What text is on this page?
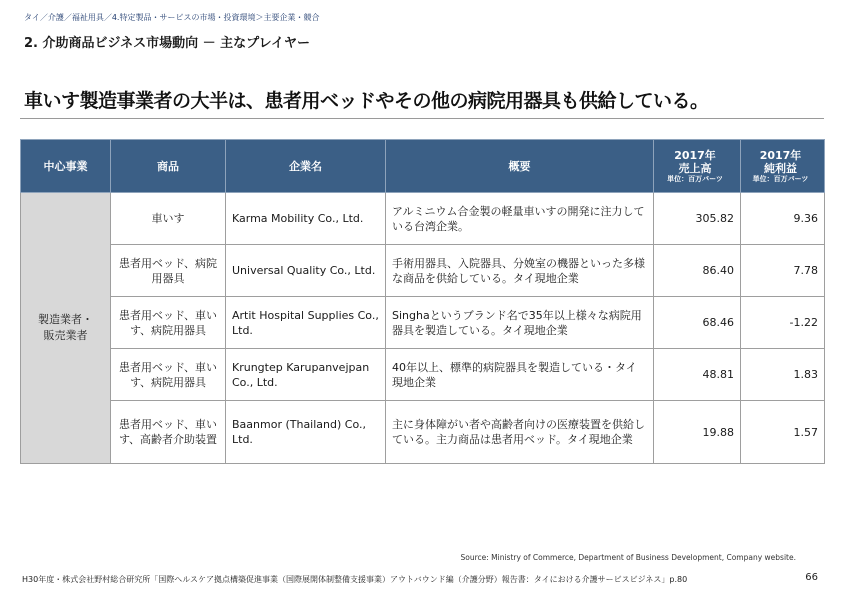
タイ／介護／福祉用具／4.特定製品・サービスの市場・投資環境＞主要企業・競合
2. 介助商品ビジネス市場動向 － 主なプレイヤー
車いす製造事業者の大半は、患者用ベッドやその他の病院用器具も供給している。
中心事業	商品	企業名	概要	2017年
売上高
単位：百万バーツ	2017年
純利益
単位：百万バーツ

製造業者・販売業者	車いす	Karma Mobility Co., Ltd.	アルミニウム合金製の軽量車いすの開発に注力している台湾企業。	305.82	9.36
	患者用ベッド、病院用器具	Universal Quality Co., Ltd.	手術用器具、入院器具、分娩室の機器といった多様な商品を供給している。タイ現地企業	86.40	7.78
	患者用ベッド、車いす、病院用器具	Artit Hospital Supplies Co., Ltd.	Singhaというブランド名で35年以上様々な病院用器具を製造している。タイ現地企業	68.46	-1.22
	患者用ベッド、車いす、病院用器具	Krungtep Karupanvejpan Co., Ltd.	40年以上、標準的病院器具を製造している・タイ現地企業	48.81	1.83
	患者用ベッド、車いす、高齢者介助装置	Baanmor (Thailand) Co., Ltd.	主に身体障がい者や高齢者向けの医療装置を供給している。主力商品は患者用ベッド。タイ現地企業	19.88	1.57
Source: Ministry of Commerce, Department of Business Development, Company website.
H30年度・株式会社野村総合研究所「国際ヘルスケア拠点構築促進事業（国際展開体制整備支援事業）アウトバウンド編（介護分野）報告書：タイにおける介護サービスビジネス」p.80	66
